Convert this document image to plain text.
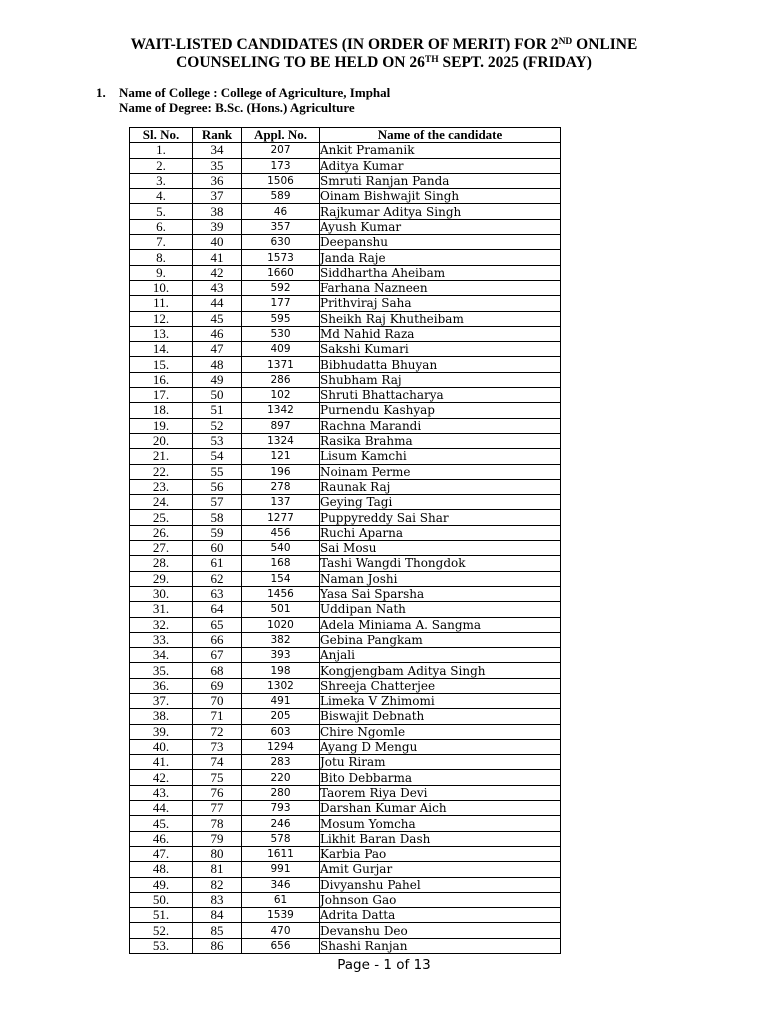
WAIT-LISTED CANDIDATES (IN ORDER OF MERIT) FOR 2ND ONLINE
COUNSELING TO BE HELD ON 26TH SEPT. 2025 (FRIDAY)
1.	Name of College : College of Agriculture, Imphal
Name of Degree: B.Sc. (Hons.) Agriculture
Sl. No.	Rank	Appl. No.	Name of the candidate
1.	34	207	Ankit Pramanik
2.	35	173	Aditya Kumar
3.	36	1506	Smruti Ranjan Panda
4.	37	589	Oinam Bishwajit Singh
5.	38	46	Rajkumar Aditya Singh
6.	39	357	Ayush Kumar
7.	40	630	Deepanshu
8.	41	1573	Janda Raje
9.	42	1660	Siddhartha Aheibam
10.	43	592	Farhana Nazneen
11.	44	177	Prithviraj Saha
12.	45	595	Sheikh Raj Khutheibam
13.	46	530	Md Nahid Raza
14.	47	409	Sakshi Kumari
15.	48	1371	Bibhudatta Bhuyan
16.	49	286	Shubham Raj
17.	50	102	Shruti Bhattacharya
18.	51	1342	Purnendu Kashyap
19.	52	897	Rachna Marandi
20.	53	1324	Rasika Brahma
21.	54	121	Lisum Kamchi
22.	55	196	Noinam Perme
23.	56	278	Raunak Raj
24.	57	137	Geying Tagi
25.	58	1277	Puppyreddy Sai Shar
26.	59	456	Ruchi Aparna
27.	60	540	Sai Mosu
28.	61	168	Tashi Wangdi Thongdok
29.	62	154	Naman Joshi
30.	63	1456	Yasa Sai Sparsha
31.	64	501	Uddipan Nath
32.	65	1020	Adela Miniama A. Sangma
33.	66	382	Gebina Pangkam
34.	67	393	Anjali
35.	68	198	Kongjengbam Aditya Singh
36.	69	1302	Shreeja Chatterjee
37.	70	491	Limeka V Zhimomi
38.	71	205	Biswajit Debnath
39.	72	603	Chire Ngomle
40.	73	1294	Ayang D Mengu
41.	74	283	Jotu Riram
42.	75	220	Bito Debbarma
43.	76	280	Taorem Riya Devi
44.	77	793	Darshan Kumar Aich
45.	78	246	Mosum Yomcha
46.	79	578	Likhit Baran Dash
47.	80	1611	Karbia Pao
48.	81	991	Amit Gurjar
49.	82	346	Divyanshu Pahel
50.	83	61	Johnson Gao
51.	84	1539	Adrita Datta
52.	85	470	Devanshu Deo
53.	86	656	Shashi Ranjan
Page - 1 of 13
